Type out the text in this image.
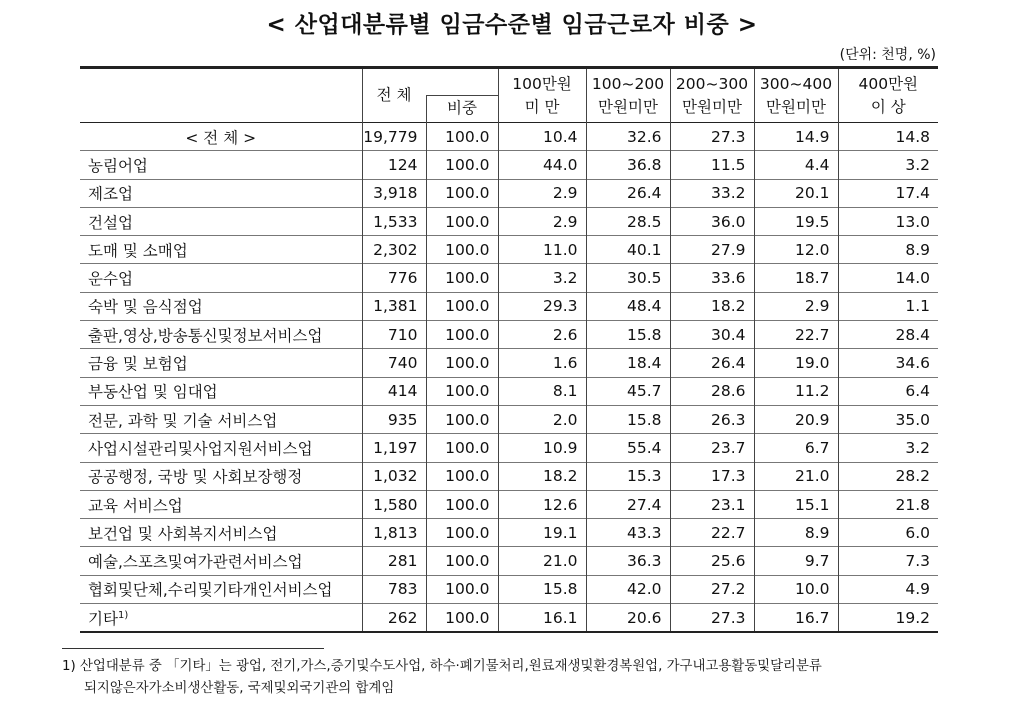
< 산업대분류별 임금수준별 임금근로자 비중 >
(단위: 천명, %)

	전 체		100만원	100~200	200~300	300~400	400만원
		비중	미 만	만원미만	만원미만	만원미만	이 상
< 전 체 >	19,779	100.0	10.4	32.6	27.3	14.9	14.8
농림어업	124	100.0	44.0	36.8	11.5	4.4	3.2
제조업	3,918	100.0	2.9	26.4	33.2	20.1	17.4
건설업	1,533	100.0	2.9	28.5	36.0	19.5	13.0
도매 및 소매업	2,302	100.0	11.0	40.1	27.9	12.0	8.9
운수업	776	100.0	3.2	30.5	33.6	18.7	14.0
숙박 및 음식점업	1,381	100.0	29.3	48.4	18.2	2.9	1.1
출판,영상,방송통신및정보서비스업	710	100.0	2.6	15.8	30.4	22.7	28.4
금융 및 보험업	740	100.0	1.6	18.4	26.4	19.0	34.6
부동산업 및 임대업	414	100.0	8.1	45.7	28.6	11.2	6.4
전문, 과학 및 기술 서비스업	935	100.0	2.0	15.8	26.3	20.9	35.0
사업시설관리및사업지원서비스업	1,197	100.0	10.9	55.4	23.7	6.7	3.2
공공행정, 국방 및 사회보장행정	1,032	100.0	18.2	15.3	17.3	21.0	28.2
교육 서비스업	1,580	100.0	12.6	27.4	23.1	15.1	21.8
보건업 및 사회복지서비스업	1,813	100.0	19.1	43.3	22.7	8.9	6.0
예술,스포츠및여가관련서비스업	281	100.0	21.0	36.3	25.6	9.7	7.3
협회및단체,수리및기타개인서비스업	783	100.0	15.8	42.0	27.2	10.0	4.9
기타$^{1)}$	262	100.0	16.1	20.6	27.3	16.7	19.2

1) 산업대분류 중 「기타」는 광업, 전기,가스,증기및수도사업, 하수·폐기물처리,원료재생및환경복원업, 가구내고용활동및달리분류
되지않은자가소비생산활동, 국제및외국기관의 합계임
